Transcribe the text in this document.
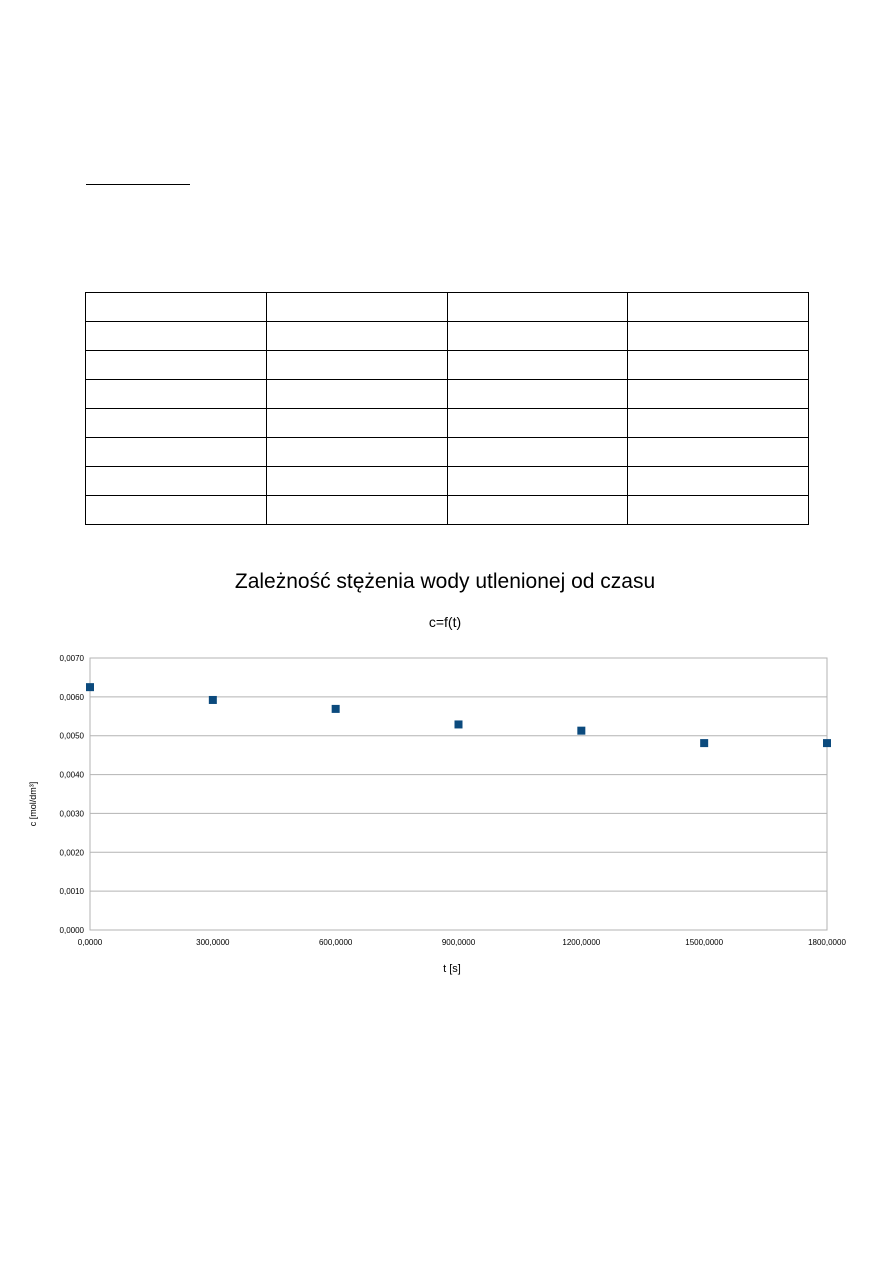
Zależność stężenia wody utlenionej od czasu
c=f(t)
0,0000
0,0010
0,0020
0,0030
0,0040
0,0050
0,0060
0,0070
0,0000	300,0000	600,0000	900,0000	1200,0000	1500,0000	1800,0000
t [s]
c [mol/dm³]
